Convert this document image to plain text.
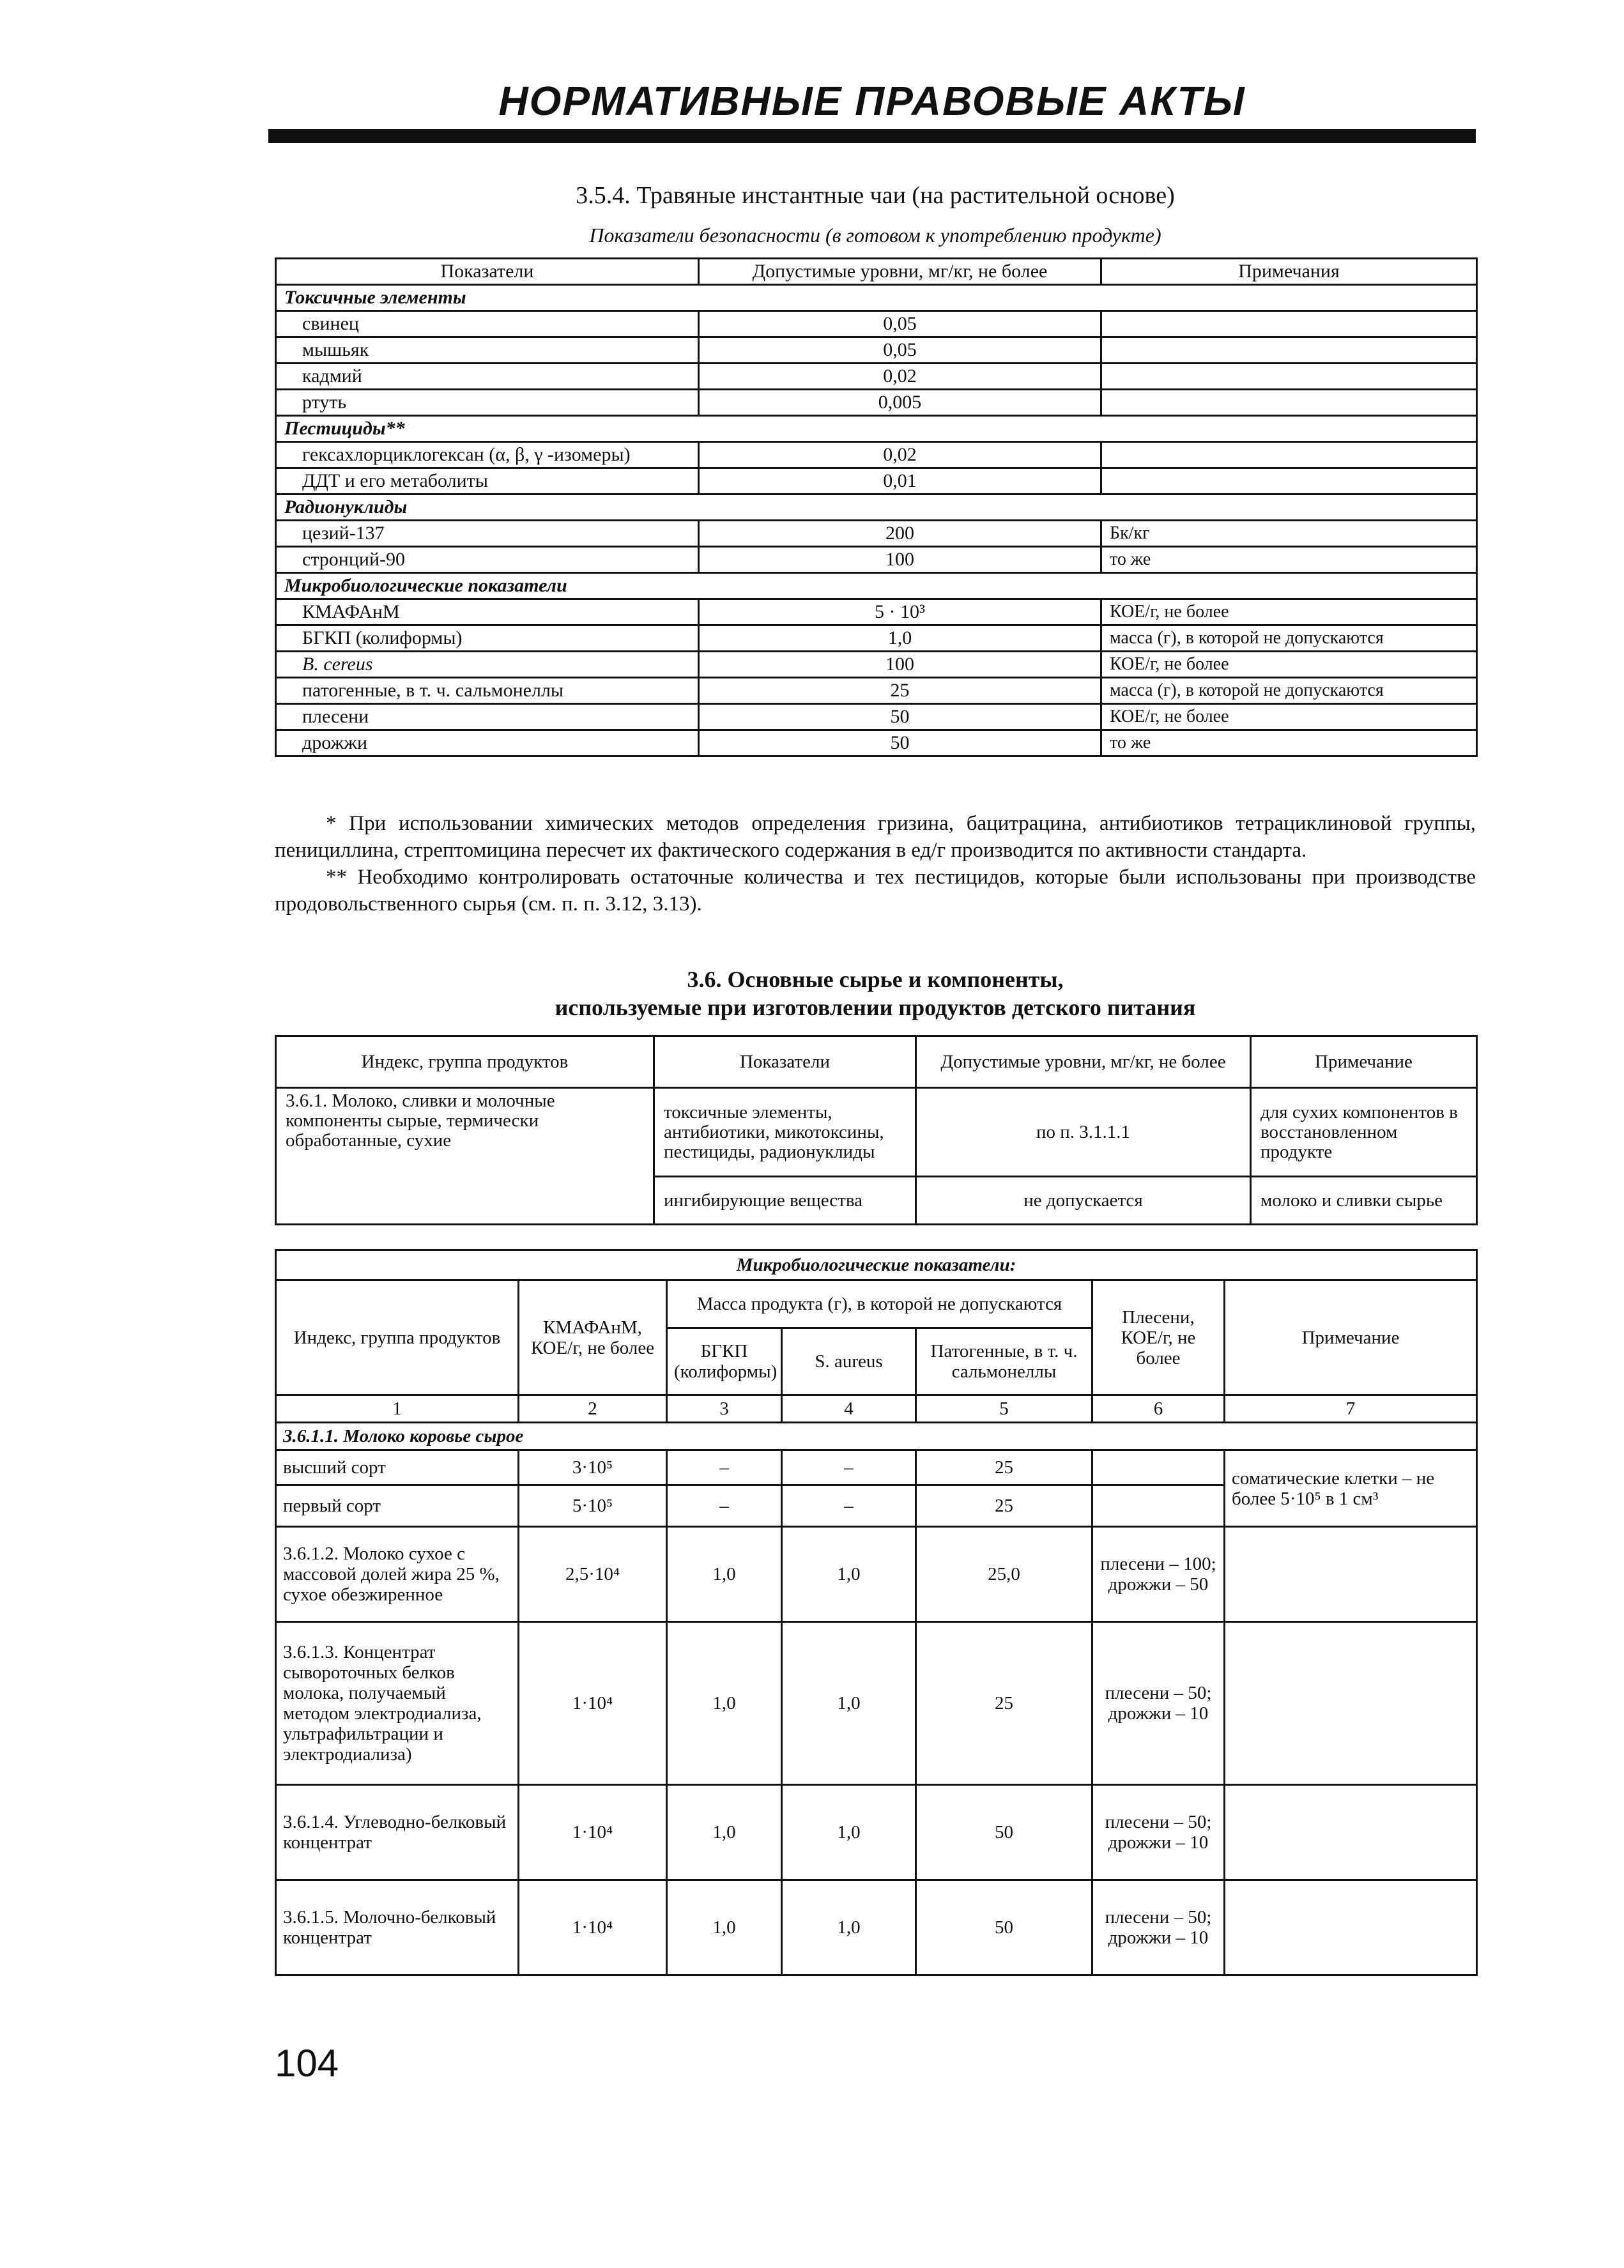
НОРМАТИВНЫЕ ПРАВОВЫЕ АКТЫ
3.5.4. Травяные инстантные чаи (на растительной основе)
Показатели безопасности (в готовом к употреблению продукте)
Показатели	Допустимые уровни, мг/кг, не более	Примечания
Токсичные элементы		
свинец	0,05	
мышьяк	0,05	
кадмий	0,02	
ртуть	0,005	
Пестициды**		
гексахлорциклогексан (α, β, γ -изомеры)	0,02	
ДДТ и его метаболиты	0,01	
Радионуклиды		
цезий-137	200	Бк/кг
стронций-90	100	то же
Микробиологические показатели		
КМАФАнМ	5 · 10³	КОЕ/г, не более
БГКП (колиформы)	1,0	масса (г), в которой не допускаются
B. cereus	100	КОЕ/г, не более
патогенные, в т. ч. сальмонеллы	25	масса (г), в которой не допускаются
плесени	50	КОЕ/г, не более
дрожжи	50	то же

* При использовании химических методов определения гризина, бацитрацина, антибиотиков тетрациклиновой группы, пенициллина, стрептомицина пересчет их фактического содержания в ед/г производится по активности стандарта.

** Необходимо контролировать остаточные количества и тех пестицидов, которые были использованы при производстве продовольственного сырья (см. п. п. 3.12, 3.13).

3.6. Основные сырье и компоненты,
используемые при изготовлении продуктов детского питания
Индекс, группа продуктов	Показатели	Допустимые уровни, мг/кг, не более	Примечание
3.6.1. Молоко, сливки и молочные компоненты сырые, термически обработанные, сухие	токсичные элементы, антибиотики, микотоксины, пестициды, радионуклиды	по п. 3.1.1.1	для сухих компонентов в восстановленном продукте
	ингибирующие вещества	не допускается	молоко и сливки сырье
Микробиологические показатели:						
Индекс, группа продуктов	КМАФАнМ, КОЕ/г, не более	Масса продукта (г), в которой не допускаются			Плесени, КОЕ/г, не более	Примечание
		БГКП (колиформы)	S. aureus	Патогенные, в т. ч. сальмонеллы		
1	2	3	4	5	6	7
3.6.1.1. Молоко коровье сырое						
высший сорт	3·10⁵	–	–	25		соматические клетки – не более 5·10⁵ в 1 см³
первый сорт	5·10⁵	–	–	25		
3.6.1.2. Молоко сухое с массовой долей жира 25 %, сухое обезжиренное	2,5·10⁴	1,0	1,0	25,0	плесени – 100; дрожжи – 50	
3.6.1.3. Концентрат сывороточных белков молока, получаемый методом электродиализа, ультрафильтрации и электродиализа)	1·10⁴	1,0	1,0	25	плесени – 50; дрожжи – 10	
3.6.1.4. Углеводно-белковый концентрат	1·10⁴	1,0	1,0	50	плесени – 50; дрожжи – 10	
3.6.1.5. Молочно-белковый концентрат	1·10⁴	1,0	1,0	50	плесени – 50; дрожжи – 10	
104
